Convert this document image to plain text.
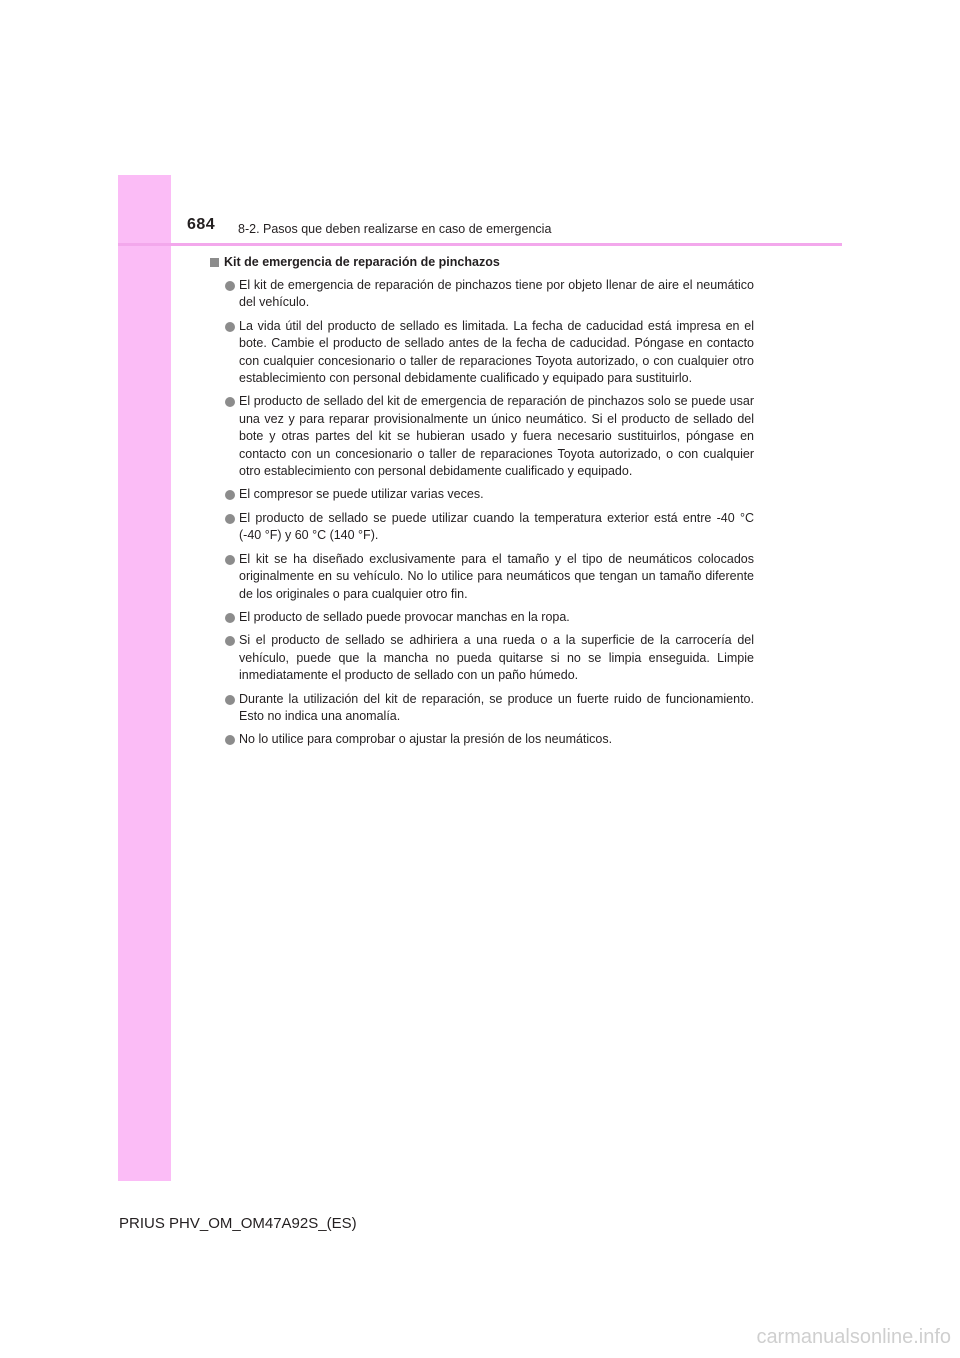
684 8-2. Pasos que deben realizarse en caso de emergencia
Kit de emergencia de reparación de pinchazos
El kit de emergencia de reparación de pinchazos tiene por objeto llenar de aire el neumático del vehículo.
La vida útil del producto de sellado es limitada. La fecha de caducidad está impresa en el bote. Cambie el producto de sellado antes de la fecha de caducidad. Póngase en contacto con cualquier concesionario o taller de reparaciones Toyota autorizado, o con cualquier otro establecimiento con personal debidamente cualificado y equipado para sustituirlo.
El producto de sellado del kit de emergencia de reparación de pinchazos solo se puede usar una vez y para reparar provisionalmente un único neumático. Si el producto de sellado del bote y otras partes del kit se hubieran usado y fuera necesario sustituirlos, póngase en contacto con un concesionario o taller de reparaciones Toyota autorizado, o con cualquier otro establecimiento con personal debidamente cualificado y equipado.
El compresor se puede utilizar varias veces.
El producto de sellado se puede utilizar cuando la temperatura exterior está entre -40 °C (-40 °F) y 60 °C (140 °F).
El kit se ha diseñado exclusivamente para el tamaño y el tipo de neumáticos colocados originalmente en su vehículo. No lo utilice para neumáticos que tengan un tamaño diferente de los originales o para cualquier otro fin.
El producto de sellado puede provocar manchas en la ropa.
Si el producto de sellado se adhiriera a una rueda o a la superficie de la carrocería del vehículo, puede que la mancha no pueda quitarse si no se limpia enseguida. Limpie inmediatamente el producto de sellado con un paño húmedo.
Durante la utilización del kit de reparación, se produce un fuerte ruido de funcionamiento. Esto no indica una anomalía.
No lo utilice para comprobar o ajustar la presión de los neumáticos.
PRIUS PHV_OM_OM47A92S_(ES)
carmanualsonline.info
